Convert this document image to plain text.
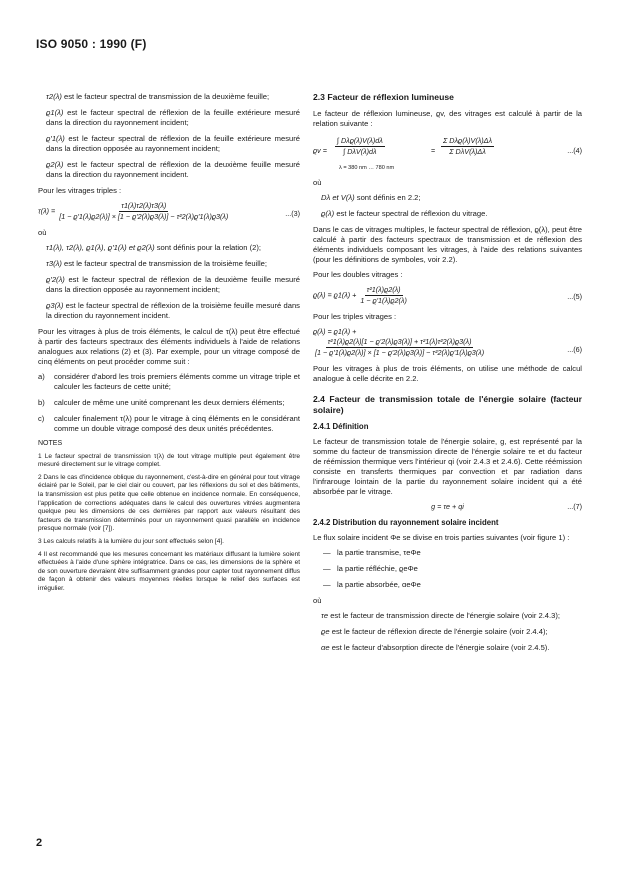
ISO 9050 : 1990 (F)
τ2(λ) est le facteur spectral de transmission de la deuxième feuille;
ϱ1(λ) est le facteur spectral de réflexion de la feuille extérieure mesuré dans la direction du rayonnement incident;
ϱ′1(λ) est le facteur spectral de réflexion de la feuille extérieure mesuré dans la direction opposée au rayonnement incident;
ϱ2(λ) est le facteur spectral de réflexion de la deuxième feuille mesuré dans la direction du rayonnement incident.

Pour les vitrages triples :

$\tau(\lambda) = \frac{\tau 1(\lambda)\tau 2(\lambda)\tau 3(\lambda)}{\text{[1 − ϱ′1(λ)ϱ2(λ)] × [1 − ϱ′2(λ)ϱ3(λ)] − τ²2(λ)ϱ′1(λ)ϱ3(λ)}}$	...(3)

où

τ1(λ), τ2(λ), ϱ1(λ), ϱ′1(λ) et ϱ2(λ) sont définis pour la relation (2);
τ3(λ) est le facteur spectral de transmission de la troisième feuille;
ϱ′2(λ) est le facteur spectral de réflexion de la deuxième feuille mesuré dans la direction opposée au rayonnement incident;
ϱ3(λ) est le facteur spectral de réflexion de la troisième feuille mesuré dans la direction du rayonnement incident.

Pour les vitrages à plus de trois éléments, le calcul de τ(λ) peut être effectué à partir des facteurs spectraux des éléments individuels à l'aide de relations analogues aux relations (2) et (3). Par exemple, pour un vitrage composé de cinq éléments on peut procéder comme suit :

a)	considérer d'abord les trois premiers éléments comme un vitrage triple et calculer les facteurs de cette unité;
b)	calculer de même une unité comprenant les deux derniers éléments;
c)	calculer finalement τ(λ) pour le vitrage à cinq éléments en le considérant comme un double vitrage composé des deux unités précédentes.
NOTES

1 Le facteur spectral de transmission τ(λ) de tout vitrage multiple peut également être mesuré directement sur le vitrage complet.

2 Dans le cas d'incidence oblique du rayonnement, c'est-à-dire en général pour tout vitrage éclairé par le Soleil, par le ciel clair ou couvert, par les réflexions du sol et des bâtiments, la transmission est plus petite que celle obtenue en incidence normale. En conséquence, l'application de corrections adéquates dans le calcul des ouvertures vitrées augmentera quelque peu les dimensions de ces dernières par rapport aux valeurs résultant des facteurs de transmission déterminés pour un rayonnement quasi parallèle en incidence presque normale (voir [7]).

3 Les calculs relatifs à la lumière du jour sont effectués selon [4].

4 Il est recommandé que les mesures concernant les matériaux diffusant la lumière soient effectuées à l'aide d'une sphère intégratrice. Dans ce cas, les dimensions de la sphère et de son ouverture devraient être suffisamment grandes pour capter tout rayonnement diffus de façon à obtenir des valeurs moyennes réelles lorsque le relief des surfaces est irrégulier.

2.3 Facteur de réflexion lumineuse

Le facteur de réflexion lumineuse, ϱv, des vitrages est calculé à partir de la relation suivante :

ϱv =
∫ Dλϱ(λ)V(λ)dλ
∫ DλV(λ)dλ	=
Σ Dλϱ(λ)V(λ)Δλ
Σ DλV(λ)Δλ
λ = 380 nm … 780 nm
...(4)

où

Dλ et V(λ) sont définis en 2.2;
ϱ(λ) est le facteur spectral de réflexion du vitrage.

Dans le cas de vitrages multiples, le facteur spectral de réflexion, ϱ(λ), peut être calculé à partir des facteurs spectraux de transmission et de réflexion des éléments individuels composant les vitrages, à l'aide des relations suivantes (pour les définitions de symboles, voir 2.2).

Pour les doubles vitrages :

$ϱ(\lambda) = ϱ1(\lambda) + \frac{\text{τ²1(λ)ϱ2(λ)}}{1 - ϱ'1(\lambda)ϱ2(\lambda)}$	...(5)

Pour les triples vitrages :

ϱ(λ) = ϱ1(λ) +
$\frac{\text{τ²1(λ)ϱ2(λ)[1 − ϱ′2(λ)ϱ3(λ)] + τ²1(λ)τ²2(λ)ϱ3(λ)}}{\text{[1 − ϱ′1(λ)ϱ2(λ)] × [1 − ϱ′2(λ)ϱ3(λ)] − τ²2(λ)ϱ′1(λ)ϱ3(λ)}}$	...(6)

Pour les vitrages à plus de trois éléments, on utilise une méthode de calcul analogue à celle décrite en 2.2.

2.4 Facteur de transmission totale de l'énergie solaire (facteur solaire)
2.4.1 Définition

Le facteur de transmission totale de l'énergie solaire, g, est représenté par la somme du facteur de transmission directe de l'énergie solaire τe et du facteur de réémission thermique vers l'intérieur qi (voir 2.4.3 et 2.4.6). Cette réémission consiste en transferts thermiques par convection et par radiation dans l'infrarouge lointain de la partie du rayonnement solaire incident qui a été absorbée par le vitrage.

g = τe + qi	...(7)
2.4.2 Distribution du rayonnement solaire incident

Le flux solaire incident Φe se divise en trois parties suivantes (voir figure 1) :

— la partie transmise, τeΦe
— la partie réfléchie, ϱeΦe
— la partie absorbée, αeΦe

où

τe est le facteur de transmission directe de l'énergie solaire (voir 2.4.3);
ϱe est le facteur de réflexion directe de l'énergie solaire (voir 2.4.4);
αe est le facteur d'absorption directe de l'énergie solaire (voir 2.4.5).
2
